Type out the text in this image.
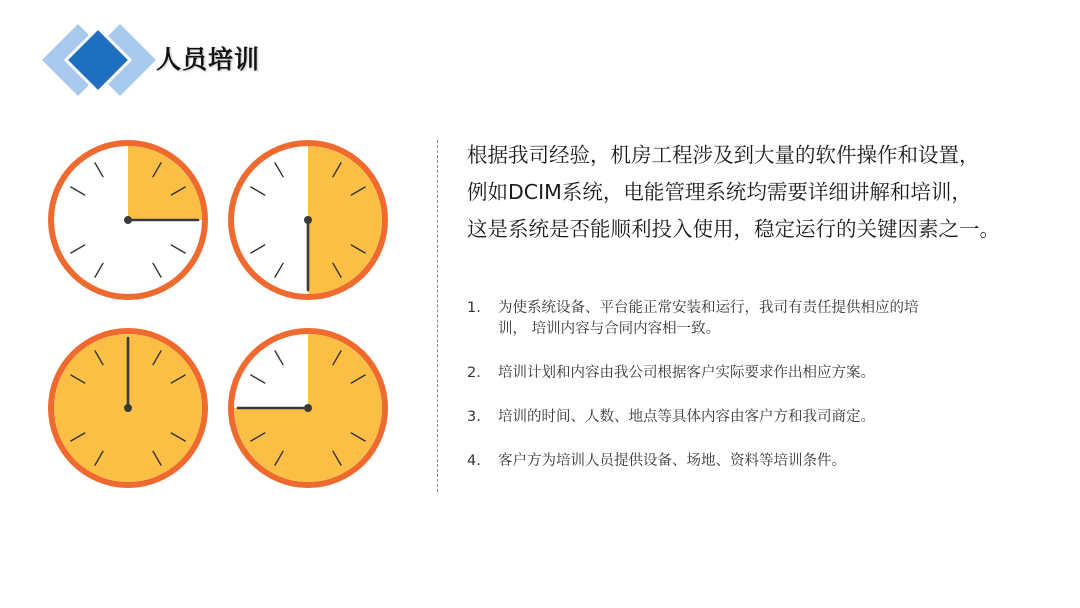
人员培训

根据我司经验，机房工程涉及到大量的软件操作和设置，

例如DCIM系统，电能管理系统均需要详细讲解和培训，

这是系统是否能顺利投入使用，稳定运行的关键因素之一。

1. 为使系统设备、平台能正常安装和运行，我司有责任提供相应的培
训， 培训内容与合同内容相一致。
2. 培训计划和内容由我公司根据客户实际要求作出相应方案。
3. 培训的时间、人数、地点等具体内容由客户方和我司商定。
4. 客户方为培训人员提供设备、场地、资料等培训条件。
